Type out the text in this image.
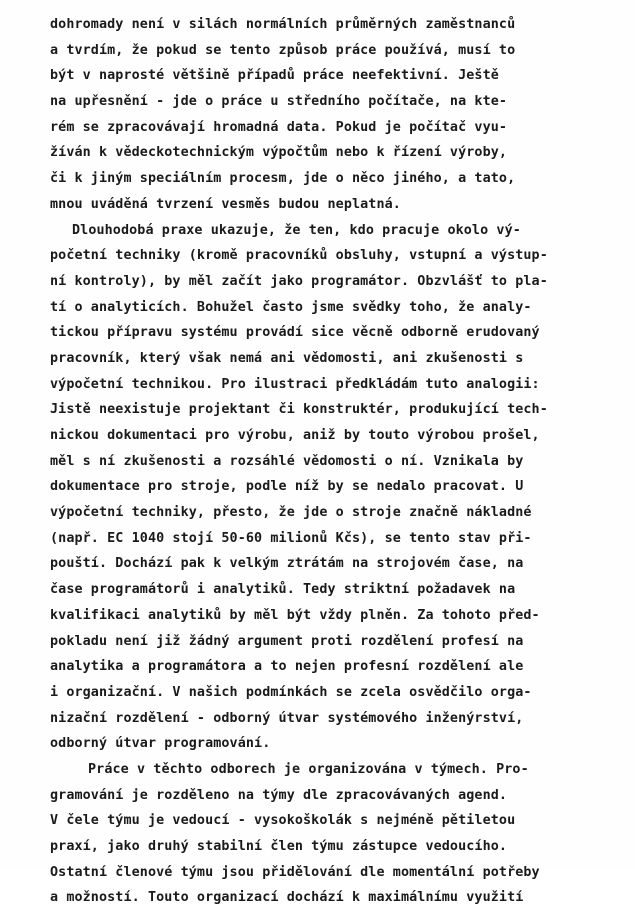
dohromady není v silách normálních průměrných zaměstnanců
a tvrdím, že pokud se tento způsob práce používá, musí to
být v naprosté většině případů práce neefektivní. Ještě
na upřesnění - jde o práce u středního počítače, na kte-
rém se zpracovávají hromadná data. Pokud je počítač vyu-
žíván k vědeckotechnickým výpočtům nebo k řízení výroby,
či k jiným speciálním procesm, jde o něco jiného, a tato,
mnou uváděná tvrzení vesměs budou neplatná.
Dlouhodobá praxe ukazuje, že ten, kdo pracuje okolo vý-
početní techniky (kromě pracovníků obsluhy, vstupní a výstup-
ní kontroly), by měl začít jako programátor. Obzvlášť to pla-
tí o analyticích. Bohužel často jsme svědky toho, že analy-
tickou přípravu systému provádí sice věcně odborně erudovaný
pracovník, který však nemá ani vědomosti, ani zkušenosti s
výpočetní technikou. Pro ilustraci předkládám tuto analogii:
Jistě neexistuje projektant či konstruktér, produkující tech-
nickou dokumentaci pro výrobu, aniž by touto výrobou prošel,
měl s ní zkušenosti a rozsáhlé vědomosti o ní. Vznikala by
dokumentace pro stroje, podle níž by se nedalo pracovat. U
výpočetní techniky, přesto, že jde o stroje značně nákladné
(např. EC 1040 stojí 50-60 milionů Kčs), se tento stav při-
pouští. Dochází pak k velkým ztrátám na strojovém čase, na
čase programátorů i analytiků. Tedy striktní požadavek na
kvalifikaci analytiků by měl být vždy plněn. Za tohoto před-
pokladu není již žádný argument proti rozdělení profesí na
analytika a programátora a to nejen profesní rozdělení ale
i organizační. V našich podmínkách se zcela osvědčilo orga-
nizační rozdělení - odborný útvar systémového inženýrství,
odborný útvar programování.
Práce v těchto odborech je organizována v týmech. Pro-
gramování je rozděleno na týmy dle zpracovávaných agend.
V čele týmu je vedoucí - vysokoškolák s nejméně pětiletou
praxí, jako druhý stabilní člen týmu zástupce vedoucího.
Ostatní členové týmu jsou přidělování dle momentální potřeby
a možností. Touto organizací dochází k maximálnímu využití
